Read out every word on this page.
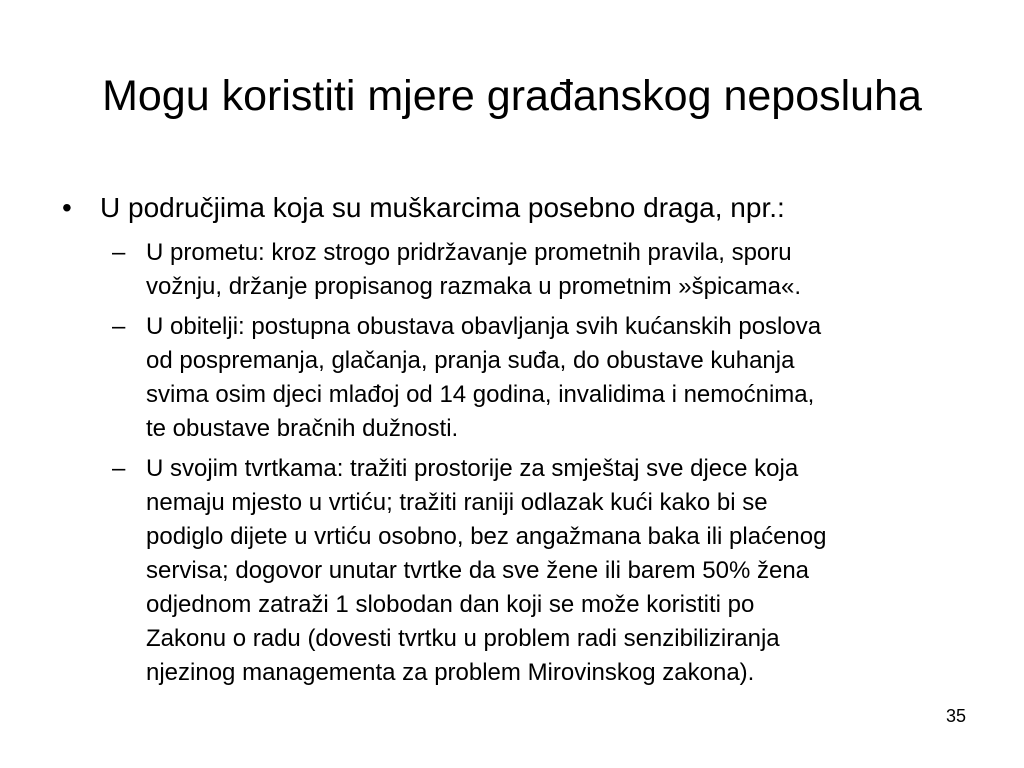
Mogu koristiti mjere građanskog neposluha
• U područjima koja su muškarcima posebno draga, npr.:
– U prometu: kroz strogo pridržavanje prometnih pravila, sporu
vožnju, držanje propisanog razmaka u prometnim »špicama«.
– U obitelji: postupna obustava obavljanja svih kućanskih poslova
od pospremanja, glačanja, pranja suđa, do obustave kuhanja
svima osim djeci mlađoj od 14 godina, invalidima i nemoćnima,
te obustave bračnih dužnosti.
– U svojim tvrtkama: tražiti prostorije za smještaj sve djece koja
nemaju mjesto u vrtiću; tražiti raniji odlazak kući kako bi se
podiglo dijete u vrtiću osobno, bez angažmana baka ili plaćenog
servisa; dogovor unutar tvrtke da sve žene ili barem 50% žena
odjednom zatraži 1 slobodan dan koji se može koristiti po
Zakonu o radu (dovesti tvrtku u problem radi senzibiliziranja
njezinog managementa za problem Mirovinskog zakona).
35
